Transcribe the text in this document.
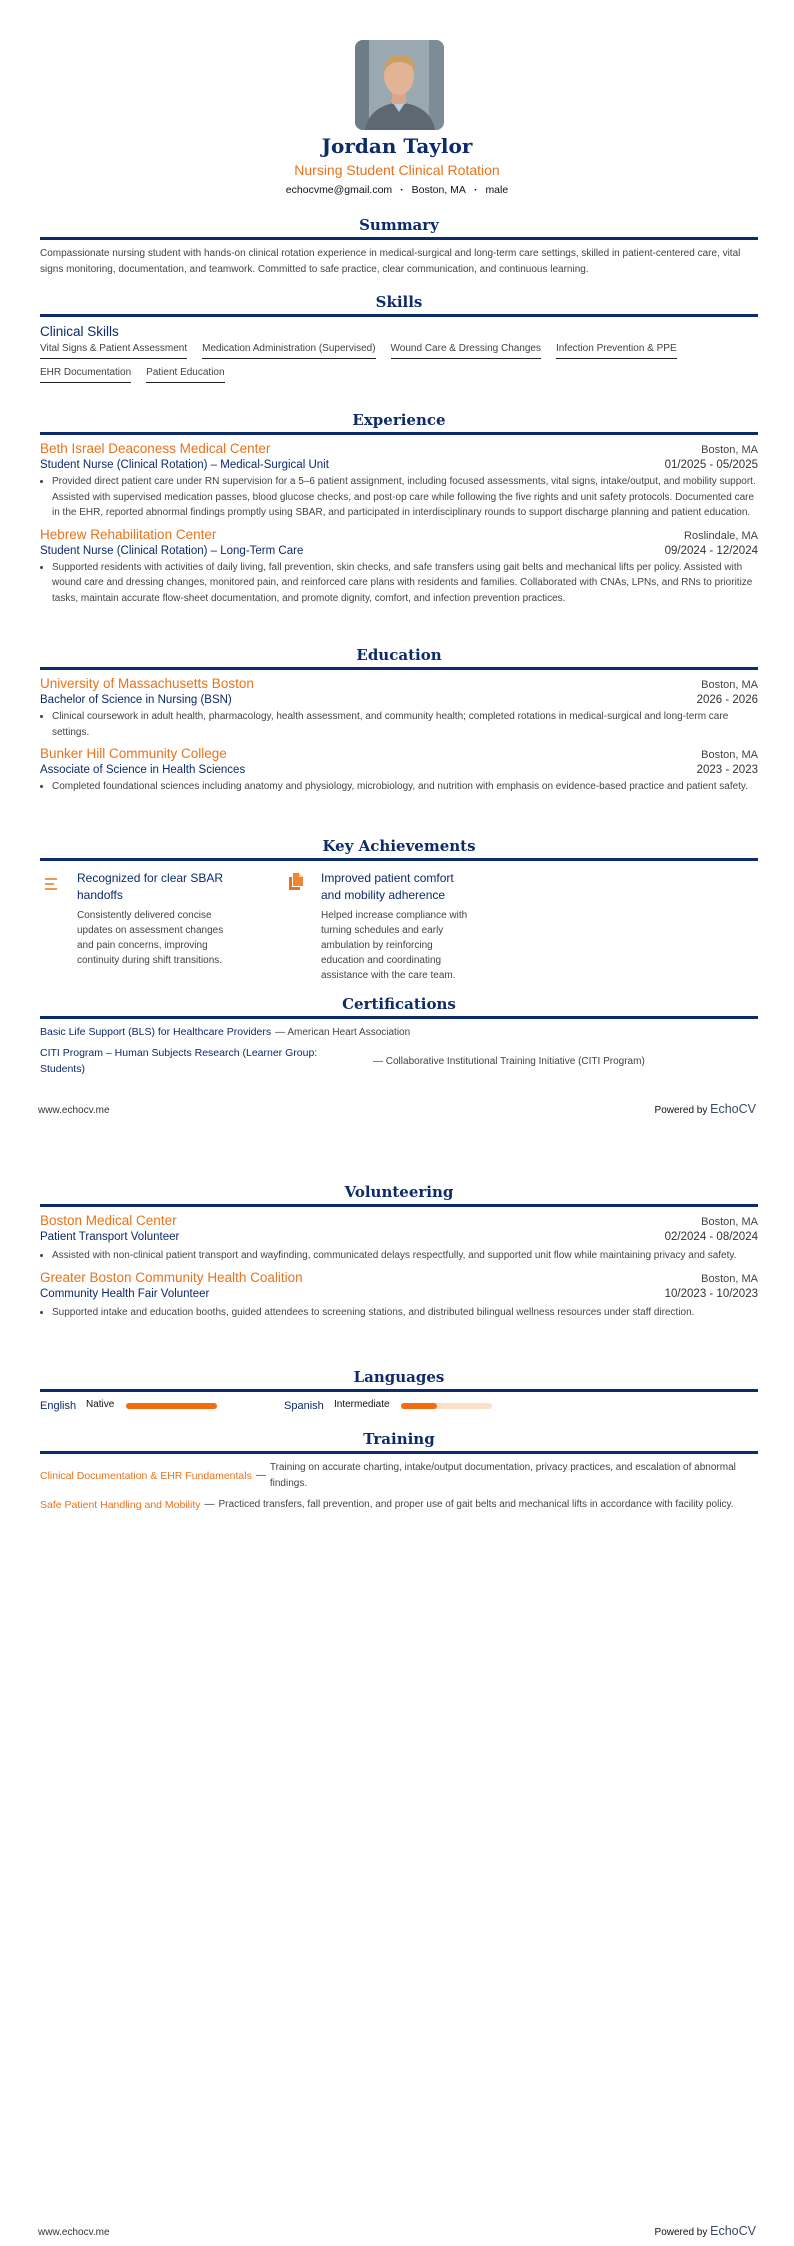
Jordan Taylor
Nursing Student Clinical Rotation
echocvme@gmail.com · Boston, MA · male
Summary
Compassionate nursing student with hands-on clinical rotation experience in medical-surgical and long-term care settings, skilled in patient-centered care, vital signs monitoring, documentation, and teamwork. Committed to safe practice, clear communication, and continuous learning.
Skills
Clinical Skills
Vital Signs & Patient Assessment Medication Administration (Supervised) Wound Care & Dressing Changes Infection Prevention & PPE
EHR Documentation Patient Education
Experience
Beth Israel Deaconess Medical Center	Boston, MA
Student Nurse (Clinical Rotation) – Medical-Surgical Unit	01/2025 - 05/2025
• Provided direct patient care under RN supervision for a 5–6 patient assignment, including focused assessments, vital signs, intake/output, and mobility support. Assisted with supervised medication passes, blood glucose checks, and post-op care while following the five rights and unit safety protocols. Documented care in the EHR, reported abnormal findings promptly using SBAR, and participated in interdisciplinary rounds to support discharge planning and patient education.
Hebrew Rehabilitation Center	Roslindale, MA
Student Nurse (Clinical Rotation) – Long-Term Care	09/2024 - 12/2024
• Supported residents with activities of daily living, fall prevention, skin checks, and safe transfers using gait belts and mechanical lifts per policy. Assisted with wound care and dressing changes, monitored pain, and reinforced care plans with residents and families. Collaborated with CNAs, LPNs, and RNs to prioritize tasks, maintain accurate flow-sheet documentation, and promote dignity, comfort, and infection prevention practices.
Education
University of Massachusetts Boston	Boston, MA
Bachelor of Science in Nursing (BSN)	2026 - 2026
• Clinical coursework in adult health, pharmacology, health assessment, and community health; completed rotations in medical-surgical and long-term care settings.
Bunker Hill Community College	Boston, MA
Associate of Science in Health Sciences	2023 - 2023
• Completed foundational sciences including anatomy and physiology, microbiology, and nutrition with emphasis on evidence-based practice and patient safety.
Key Achievements
Recognized for clear SBAR handoffs
Consistently delivered concise updates on assessment changes and pain concerns, improving continuity during shift transitions.
Improved patient comfort and mobility adherence
Helped increase compliance with turning schedules and early ambulation by reinforcing education and coordinating assistance with the care team.
Certifications
Basic Life Support (BLS) for Healthcare Providers — American Heart Association
CITI Program – Human Subjects Research (Learner Group: Students)
— Collaborative Institutional Training Initiative (CITI Program)
www.echocv.me	Powered by EchoCV
Volunteering
Boston Medical Center	Boston, MA
Patient Transport Volunteer	02/2024 - 08/2024
• Assisted with non-clinical patient transport and wayfinding, communicated delays respectfully, and supported unit flow while maintaining privacy and safety.
Greater Boston Community Health Coalition	Boston, MA
Community Health Fair Volunteer	10/2023 - 10/2023
• Supported intake and education booths, guided attendees to screening stations, and distributed bilingual wellness resources under staff direction.
Languages
English Native	Spanish Intermediate
Training
Clinical Documentation & EHR Fundamentals —
Training on accurate charting, intake/output documentation, privacy practices, and escalation of abnormal findings.
Safe Patient Handling and Mobility — Practiced transfers, fall prevention, and proper use of gait belts and mechanical lifts in accordance with facility policy.
www.echocv.me	Powered by EchoCV
